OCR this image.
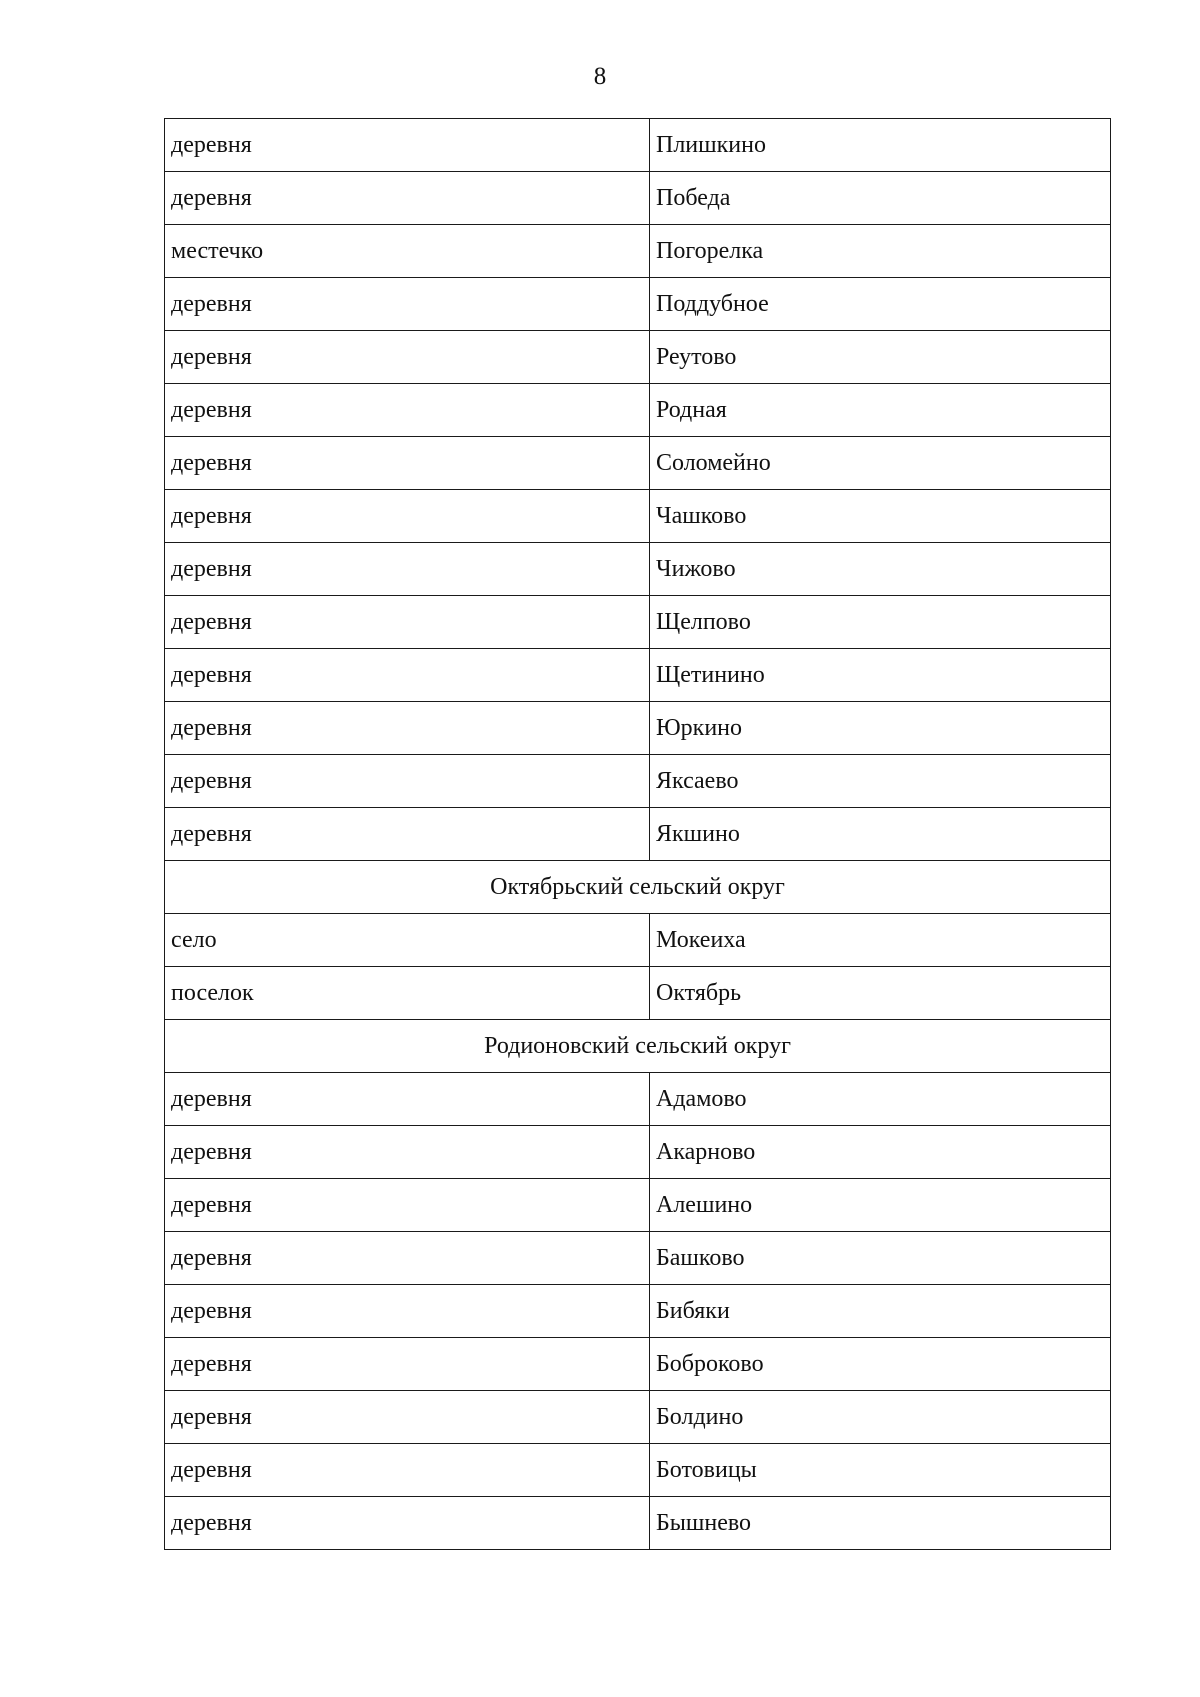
8
деревня	Плишкино
деревня	Победа
местечко	Погорелка
деревня	Поддубное
деревня	Реутово
деревня	Родная
деревня	Соломейно
деревня	Чашково
деревня	Чижово
деревня	Щелпово
деревня	Щетинино
деревня	Юркино
деревня	Яксаево
деревня	Якшино
Октябрьский сельский округ	
село	Мокеиха
поселок	Октябрь
Родионовский сельский округ	
деревня	Адамово
деревня	Акарново
деревня	Алешино
деревня	Башково
деревня	Бибяки
деревня	Боброково
деревня	Болдино
деревня	Ботовицы
деревня	Бышнево
